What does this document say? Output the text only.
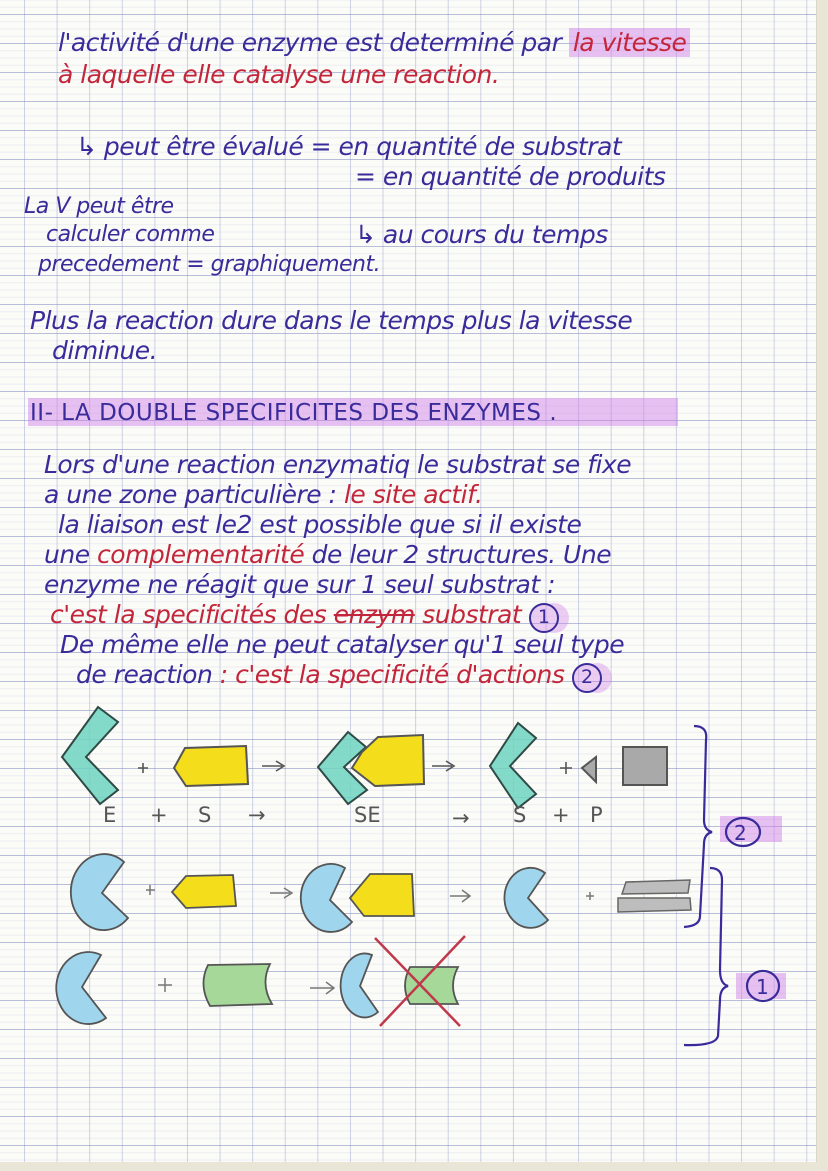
l'activité d'une enzyme est determiné par la vitesse
à laquelle elle catalyse une reaction.
↳ peut être évalué = en quantité de substrat
= en quantité de produits
La V peut être
calculer comme	↳ au cours du temps
precedement = graphiquement.
Plus la reaction dure dans le temps plus la vitesse
diminue.
II- LA DOUBLE SPECIFICITES DES ENZYMES .
Lors d'une reaction enzymatiq le substrat se fixe
a une zone particulière : le site actif.
la liaison est le2 est possible que si il existe
une complementarité de leur 2 structures. Une
enzyme ne réagit que sur 1 seul substrat :
c'est la specificités des enzym substrat 1
De même elle ne peut catalyser qu'1 seul type
de reaction : c'est la specificité d'actions 2
E + S →	SE	→ S + P
2
1
